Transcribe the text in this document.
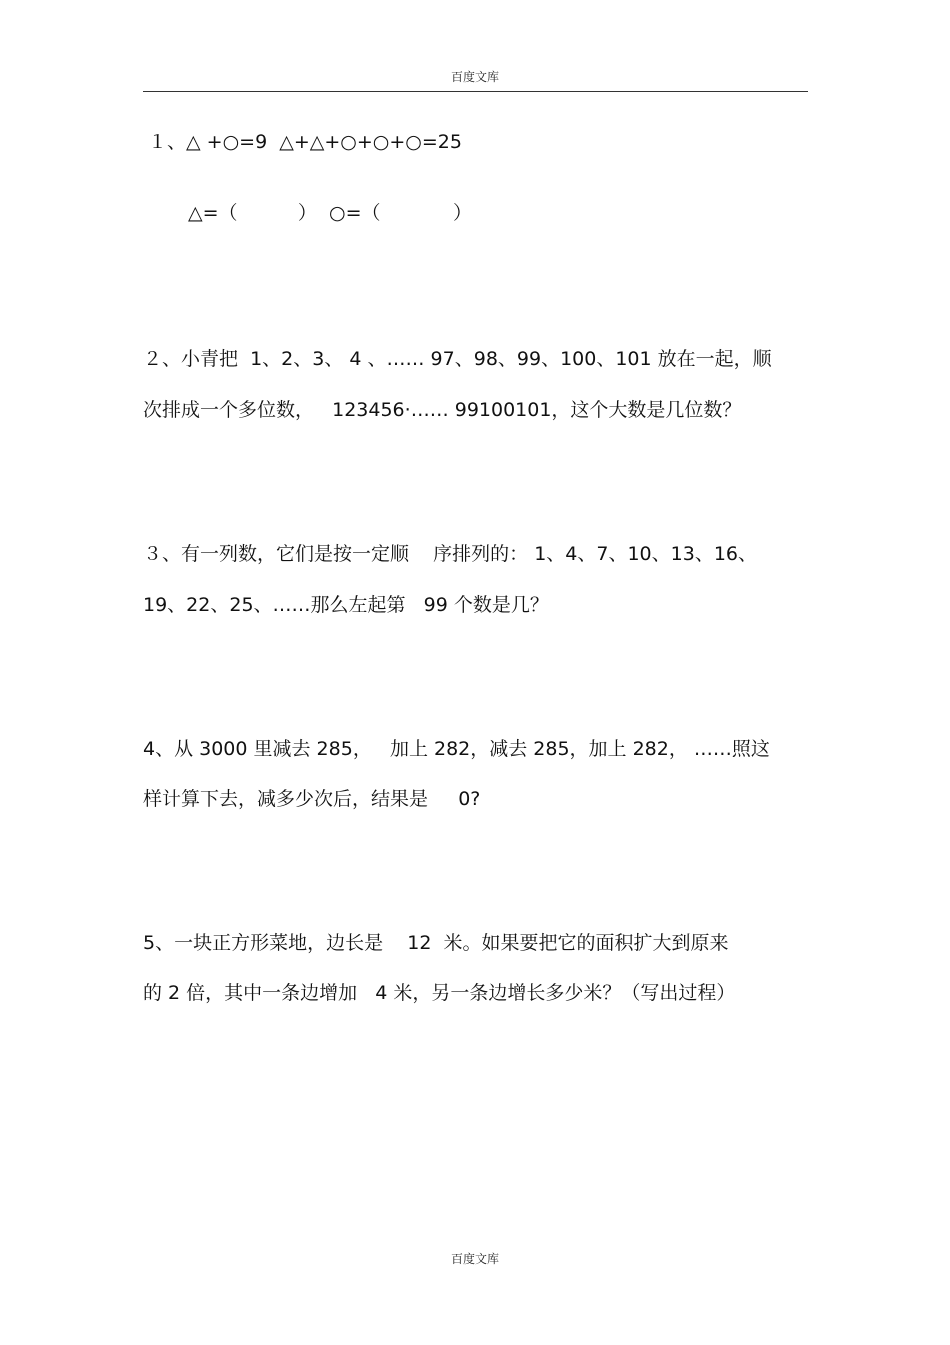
百度文库
１、△ +○=9  △+△+○+○+○=25
△=（          ）  ○=（            ）
２、小青把  1、2、3、 4 、…… 97、98、99、100、101 放在一起，顺
次排成一个多位数，   123456·…… 99100101，这个大数是几位数？
３、有一列数，它们是按一定顺    序排列的： 1、4、7、10、13、16、
19、22、25、……那么左起第   99 个数是几？
4、从 3000 里减去 285，   加上 282，减去 285，加上 282， ……照这
样计算下去，减多少次后，结果是     0?
5、一块正方形菜地，边长是    12  米。如果要把它的面积扩大到原来
的 2 倍，其中一条边增加   4 米，另一条边增长多少米？（写出过程）
百度文库
